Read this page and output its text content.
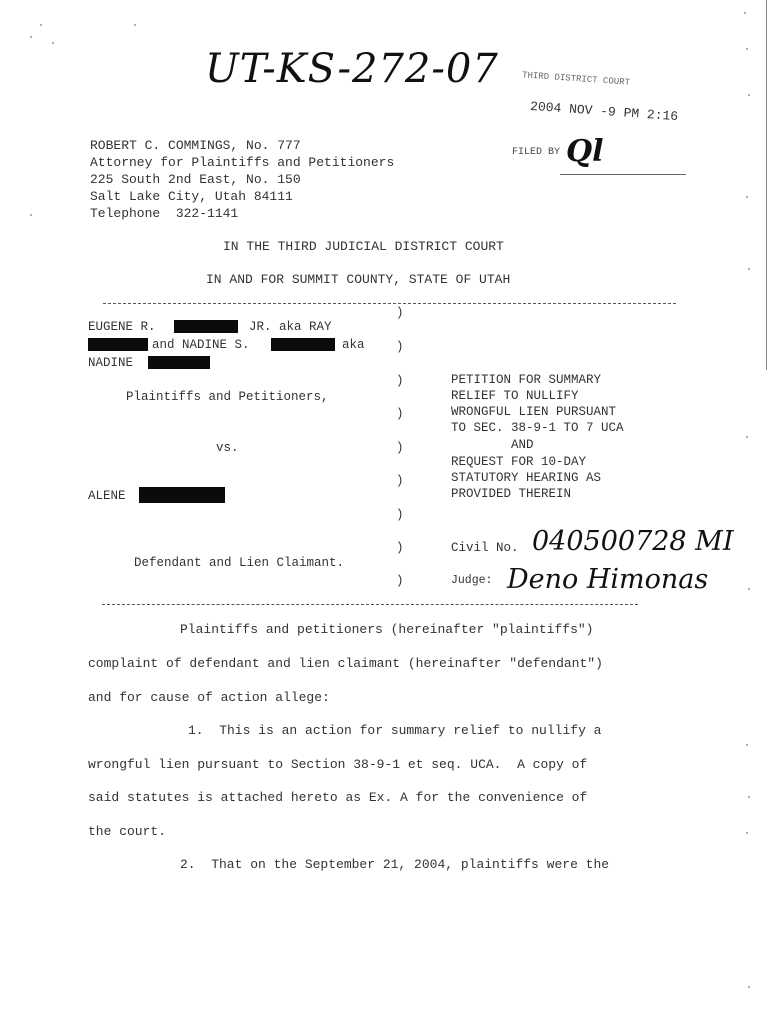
UT-KS-272-07	THIRD DISTRICT COURT
2004 NOV -9 PM 2:16
FILED BY Ql
ROBERT C. COMMINGS, No. 777
Attorney for Plaintiffs and Petitioners
225 South 2nd East, No. 150
Salt Lake City, Utah 84111
Telephone  322-1141
IN THE THIRD JUDICIAL DISTRICT COURT
IN AND FOR SUMMIT COUNTY, STATE OF UTAH
EUGENE R.	JR. aka RAY
and NADINE S.	aka
NADINE
Plaintiffs and Petitioners,
vs.
ALENE
Defendant and Lien Claimant.
)
)
)
)
)
)
)
)
)
PETITION FOR SUMMARY
RELIEF TO NULLIFY
WRONGFUL LIEN PURSUANT
TO SEC. 38-9-1 TO 7 UCA
AND
REQUEST FOR 10-DAY
STATUTORY HEARING AS
PROVIDED THEREIN
Civil No. 040500728 MI
Judge: Deno Himonas
Plaintiffs and petitioners (hereinafter "plaintiffs")
complaint of defendant and lien claimant (hereinafter "defendant")
and for cause of action allege:
1.  This is an action for summary relief to nullify a
wrongful lien pursuant to Section 38-9-1 et seq. UCA.  A copy of
said statutes is attached hereto as Ex. A for the convenience of
the court.
2.  That on the September 21, 2004, plaintiffs were the
